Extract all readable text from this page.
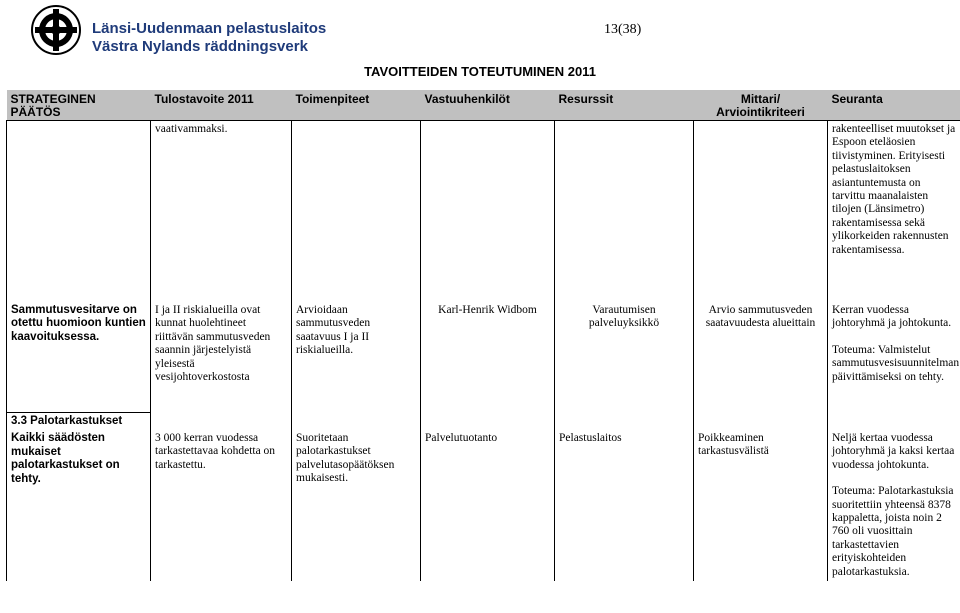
Länsi-Uudenmaan pelastuslaitos
Västra Nylands räddningsverk
13(38)
TAVOITTEIDEN TOTEUTUMINEN 2011
STRATEGINEN PÄÄTÖS	Tulostavoite 2011	Toimenpiteet	Vastuuhenkilöt	Resurssit	Mittari/ Arviointikriteeri	Seuranta
	vaativammaksi.					rakenteelliset muutokset ja Espoon eteläosien tiivistyminen. Erityisesti pelastuslaitoksen asiantuntemusta on tarvittu maanalaisten tilojen (Länsimetro) rakentamisessa sekä ylikorkeiden rakennusten rakentamisessa.
Sammutusvesitarve on otettu huomioon kuntien kaavoituksessa.	I ja II riskialueilla ovat kunnat huolehtineet riittävän sammutusveden saannin järjestelyistä yleisestä vesijohtoverkostosta	Arvioidaan sammutusveden saatavuus I ja II riskialueilla.	Karl-Henrik Widbom	Varautumisen palveluyksikkö	Arvio sammutusveden saatavuudesta alueittain	Kerran vuodessa johtoryhmä ja johtokunta.
Toteuma: Valmistelut sammutusvesisuunnitelman päivittämiseksi on tehty.

3.3 Palotarkastukset
Kaikki säädösten mukaiset palotarkastukset on tehty.	3 000 kerran vuodessa tarkastettavaa kohdetta on tarkastettu.	Suoritetaan palotarkastukset palvelutasopäätöksen mukaisesti.	Palvelutuotanto	Pelastuslaitos	Poikkeaminen tarkastusvälistä	Neljä kertaa vuodessa johtoryhmä ja kaksi kertaa vuodessa johtokunta.
Toteuma: Palotarkastuksia suoritettiin yhteensä 8378 kappaletta, joista noin 2 760 oli vuosittain tarkastettavien erityiskohteiden palotarkastuksia.
